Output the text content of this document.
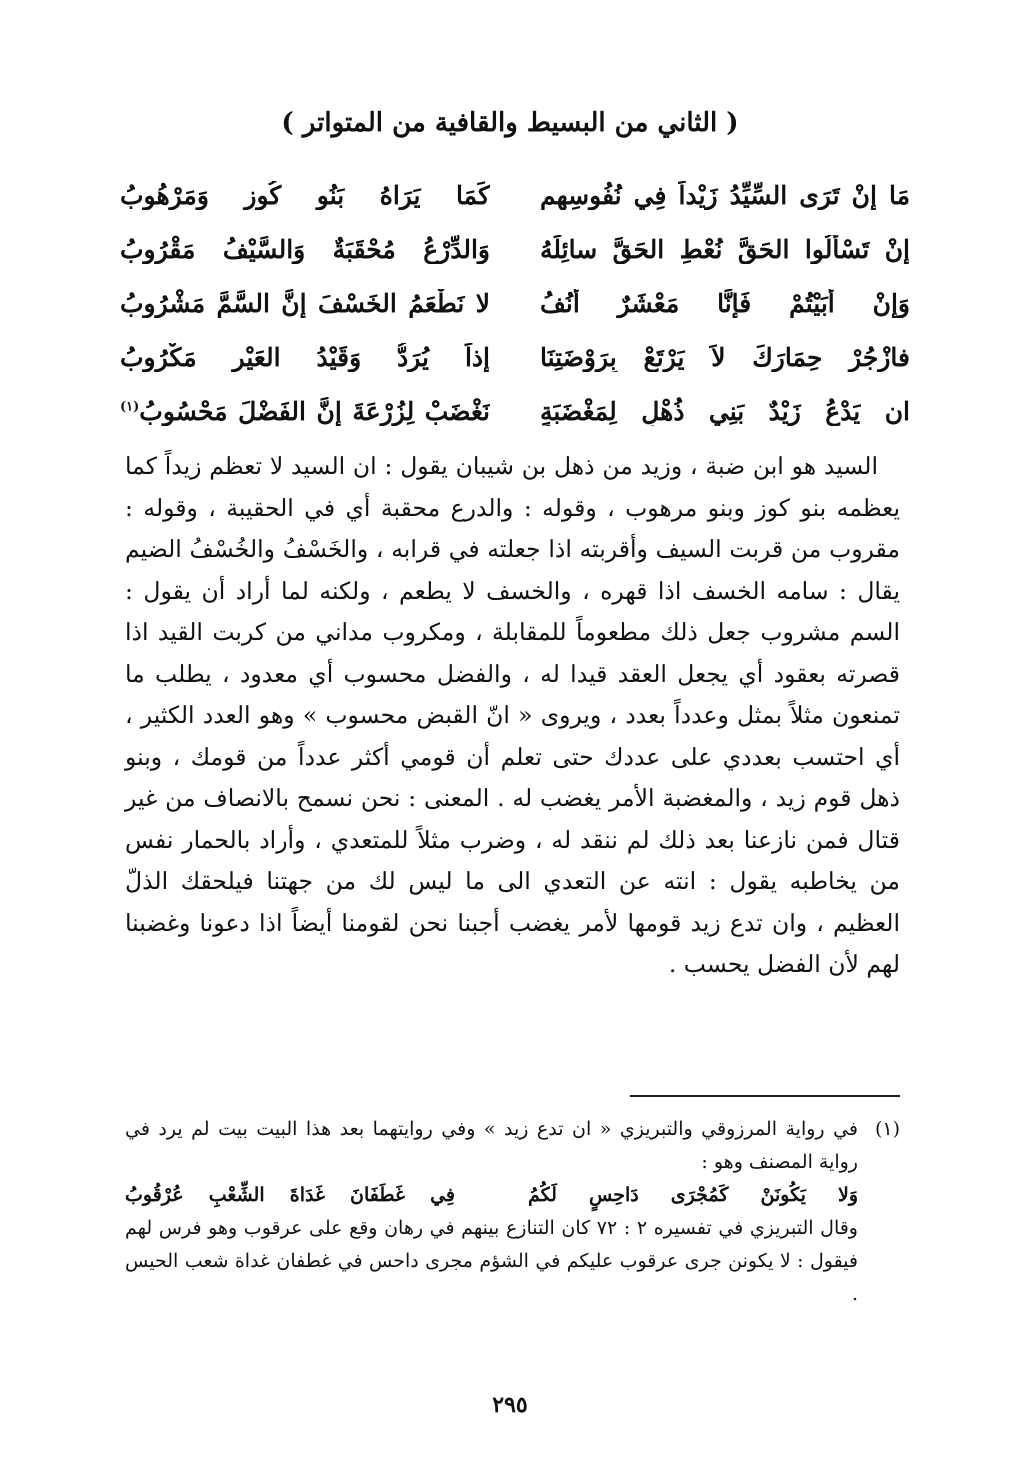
( الثاني من البسيط والقافية من المتواتر )
مَا إنْ تَرَى السِّيِّدُ زَيْداً فِي نُفُوسِهِمِ
كَمَا يَرَاهُ بَنُو كُوزٍ وَمَرْهُوبُ
إنْ تَسْأَلُوا الحَقَّ نُعْطِ الحَقَّ سائِلَهُ
وَالدِّرْعُ مُحْقَبَةٌ وَالسَّيْفُ مَقْرُوبُ
وَإنْ أَبَيْتُمْ فَإنَّا مَعْشَرٌ أُنُفُ
لا نَطْعَمُ الخَسْفَ إنَّ السَّمَّ مَشْرُوبُ
فازْجُرْ حِمَارَكَ لاَ يَرْتَعْ بِرَوْضَتِنَا
إذاً يُرَدُّ وَقَيْدُ العَيْرِ مَكْرُوبُ
ان يَدْعُ زَيْدٌ بَنِي ذُهْلٍ لِمَغْضَبَةٍ
نَغْضَبْ لِزُرْعَةَ إنَّ الفَضْلَ مَحْسُوبُ$^{(١)}$

السيد هو ابن ضبة ، وزيد من ذهل بن شيبان يقول : ان السيد لا تعظم زيداً كما يعظمه بنو كوز وبنو مرهوب ، وقوله : والدرع محقبة أي في الحقيبة ، وقوله : مقروب من قربت السيف وأقربته اذا جعلته في قرابه ، والخَسْفُ والخُسْفُ الضيم يقال : سامه الخسف اذا قهره ، والخسف لا يطعم ، ولكنه لما أراد أن يقول : السم مشروب جعل ذلك مطعوماً للمقابلة ، ومكروب مداني من كربت القيد اذا قصرته بعقود أي يجعل العقد قيدا له ، والفضل محسوب أي معدود ، يطلب ما تمنعون مثلاً بمثل وعدداً بعدد ، ويروى « انّ القبض محسوب » وهو العدد الكثير ، أي احتسب بعددي على عددك حتى تعلم أن قومي أكثر عدداً من قومك ، وبنو ذهل قوم زيد ، والمغضبة الأمر يغضب له . المعنى : نحن نسمح بالانصاف من غير قتال فمن نازعنا بعد ذلك لم ننقد له ، وضرب مثلاً للمتعدي ، وأراد بالحمار نفس من يخاطبه يقول : انته عن التعدي الى ما ليس لك من جهتنا فيلحقك الذلّ العظيم ، وان تدع زيد قومها لأمر يغضب أجبنا نحن لقومنا أيضاً اذا دعونا وغضبنا لهم لأن الفضل يحسب .

(١)

في رواية المرزوقي والتبريزي « ان تدع زيد » وفي روايتهما بعد هذا البيت بيت لم يرد في رواية المصنف وهو :

وَلا يَكُونَنْ كَمُجْرَى دَاحِسٍ لَكُمُ
فِي غَطَفَانَ غَدَاةَ الشِّعْبِ عُرْقُوبُ

وقال التبريزي في تفسيره ٢ : ٧٢ كان التنازع بينهم في رهان وقع على عرقوب وهو فرس لهم فيقول : لا يكونن جرى عرقوب عليكم في الشؤم مجرى داحس في غطفان غداة شعب الحيس .

٢٩٥
